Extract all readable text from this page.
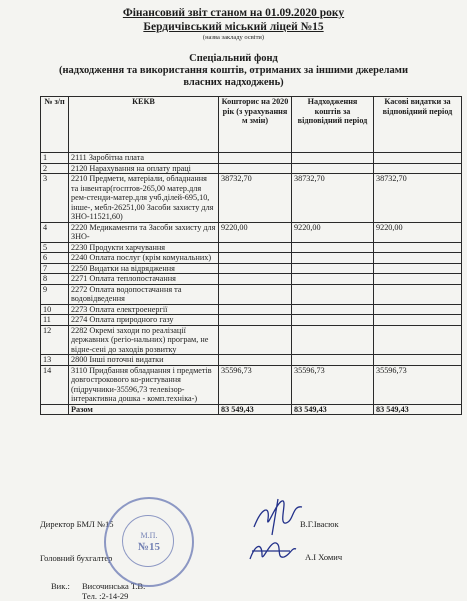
Фінансовий звіт станом на 01.09.2020 року
Бердичівський міський ліцей №15
(назва закладу освіти)
Спеціальний фонд
(надходження та використання коштів, отриманих за іншими джерелами
власних надходжень)
№ з/п	КЕКВ	Кошторис на 2020 рік (з урахування м змін)	Надходження коштів за відповідний період	Касові видатки за відповідний період
1	2111 Заробітна плата			
2	2120 Нарахування на оплату праці			
3	2210 Предмети, матеріали, обладнання та інвентар(госптов-265,00 матер.для рем-стенди-матер.для учб.ділей-695,10, інше-, мебл-26251,00 Засоби захисту для ЗНО-11521,60)	38732,70	38732,70	38732,70
4	2220 Медикаменти та Засоби захисту для ЗНО-	9220,00	9220,00	9220,00
5	2230 Продукти харчування			
6	2240 Оплата послуг (крім комунальних)			
7	2250 Видатки на відрядження			
8	2271 Оплата теплопостачання			
9	2272 Оплата водопостачання та водовідведення			
10	2273 Оплата електроенергії			
11	2274 Оплата природного газу			
12	2282 Окремі заходи по реалізації державних (регіо-нальних) програм, не віднe-сені до заходів розвитку			
13	2800 Інші поточні видатки			
14	3110 Придбання обладнання і предметів довгострокового ко-ристування (підручники-35596,73 телевізор-інтерактивна дошка - комп.техніка-)	35596,73	35596,73	35596,73
	Разом	83 549,43	83 549,43	83 549,43
Директор БМЛ №15	В.Г.Івасюк
Головний бухгалтер	А.І Хомич
Вик.: Височинська Т.В.
Тел. :2-14-29
М.П.
№15
